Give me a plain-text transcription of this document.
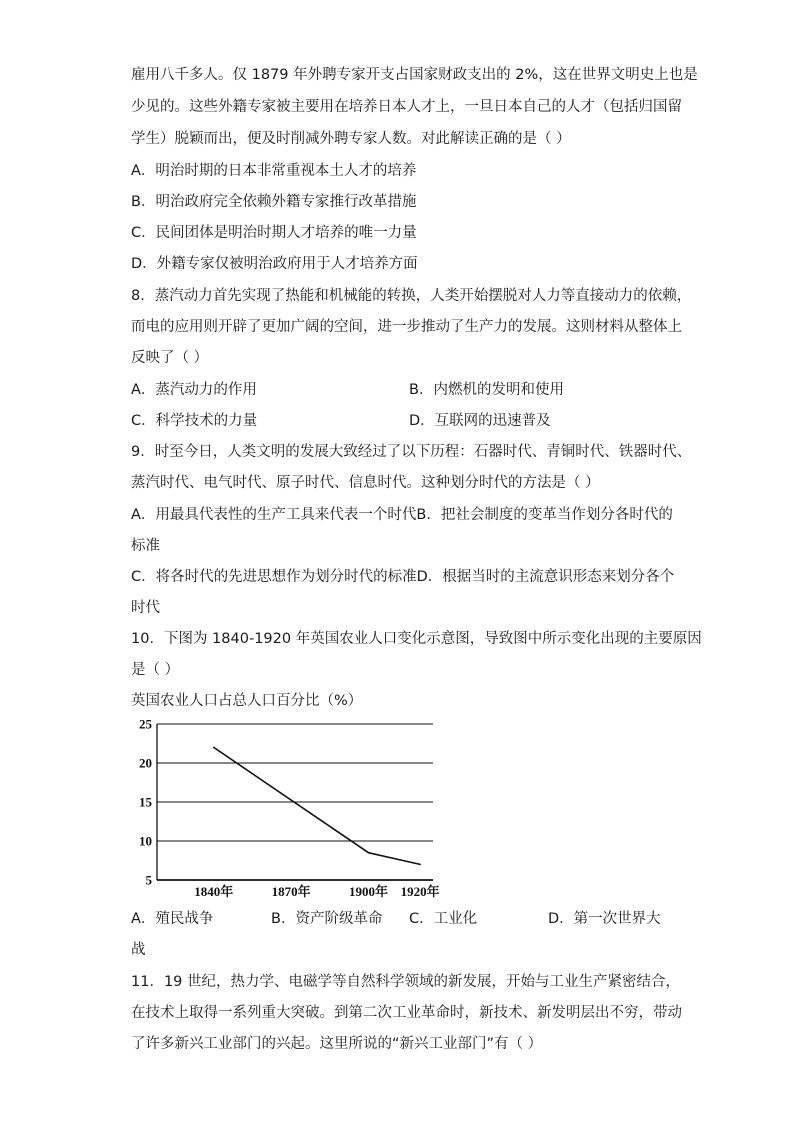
雇用八千多人。仅 1879 年外聘专家开支占国家财政支出的 2%，这在世界文明史上也是
少见的。这些外籍专家被主要用在培养日本人才上，一旦日本自己的人才（包括归国留
学生）脱颖而出，便及时削减外聘专家人数。对此解读正确的是（ ）
A．明治时期的日本非常重视本土人才的培养
B．明治政府完全依赖外籍专家推行改革措施
C．民间团体是明治时期人才培养的唯一力量
D．外籍专家仅被明治政府用于人才培养方面
8．蒸汽动力首先实现了热能和机械能的转换，人类开始摆脱对人力等直接动力的依赖，
而电的应用则开辟了更加广阔的空间，进一步推动了生产力的发展。这则材料从整体上
反映了（ ）
A．蒸汽动力的作用	B．内燃机的发明和使用
C．科学技术的力量	D．互联网的迅速普及
9．时至今日，人类文明的发展大致经过了以下历程：石器时代、青铜时代、铁器时代、
蒸汽时代、电气时代、原子时代、信息时代。这种划分时代的方法是（ ）
A．用最具代表性的生产工具来代表一个时代B．把社会制度的变革当作划分各时代的
标准
C．将各时代的先进思想作为划分时代的标准D．根据当时的主流意识形态来划分各个
时代
10．下图为 1840-1920 年英国农业人口变化示意图，导致图中所示变化出现的主要原因
是（ ）
英国农业人口占总人口百分比（%）
25
20
15
10
5
1840年	1870年	1900年 1920年
A．殖民战争	B．资产阶级革命 C．工业化	D．第一次世界大
战
11．19 世纪，热力学、电磁学等自然科学领域的新发展，开始与工业生产紧密结合，
在技术上取得一系列重大突破。到第二次工业革命时，新技术、新发明层出不穷，带动
了许多新兴工业部门的兴起。这里所说的“新兴工业部门”有（ ）
